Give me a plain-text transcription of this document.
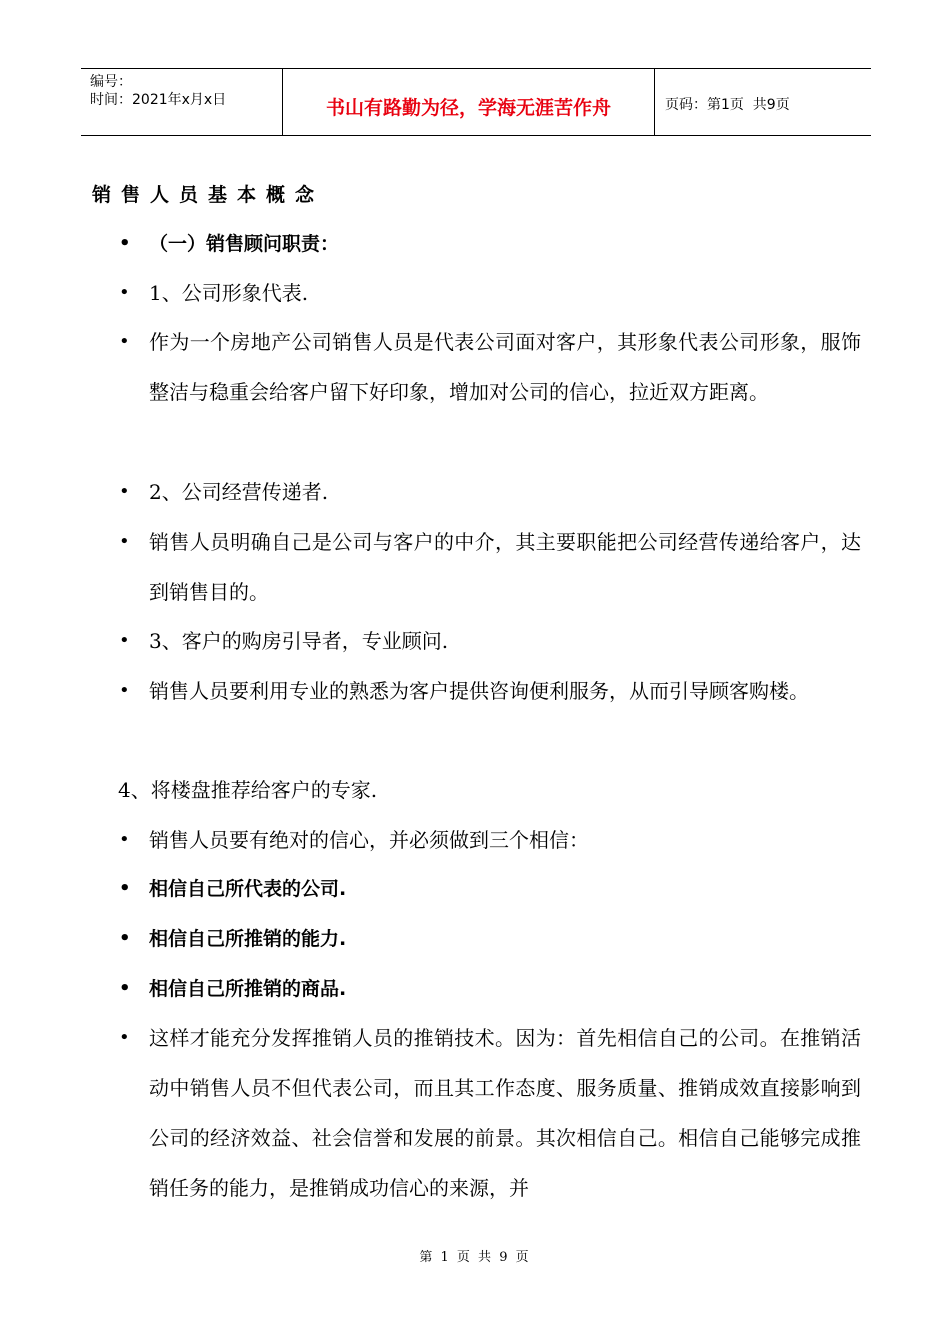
编号：
时间：2021年x月x日	书山有路勤为径，学海无涯苦作舟	页码：第1页  共9页
销售人员基本概念
• （一）销售顾问职责：

• 1、公司形象代表.

• 作为一个房地产公司销售人员是代表公司面对客户，其形象代表公司形象，服饰整洁与稳重会给客户留下好印象，增加对公司的信心，拉近双方距离。

• 2、公司经营传递者.

• 销售人员明确自己是公司与客户的中介，其主要职能把公司经营传递给客户，达到销售目的。

• 3、客户的购房引导者，专业顾问.

• 销售人员要利用专业的熟悉为客户提供咨询便利服务，从而引导顾客购楼。

4、将楼盘推荐给客户的专家.
• 销售人员要有绝对的信心，并必须做到三个相信：

• 相信自己所代表的公司.

• 相信自己所推销的能力.

• 相信自己所推销的商品.

• 这样才能充分发挥推销人员的推销技术。因为：首先相信自己的公司。在推销活动中销售人员不但代表公司，而且其工作态度、服务质量、推销成效直接影响到公司的经济效益、社会信誉和发展的前景。其次相信自己。相信自己能够完成推销任务的能力，是推销成功信心的来源，并

第 1 页 共 9 页
